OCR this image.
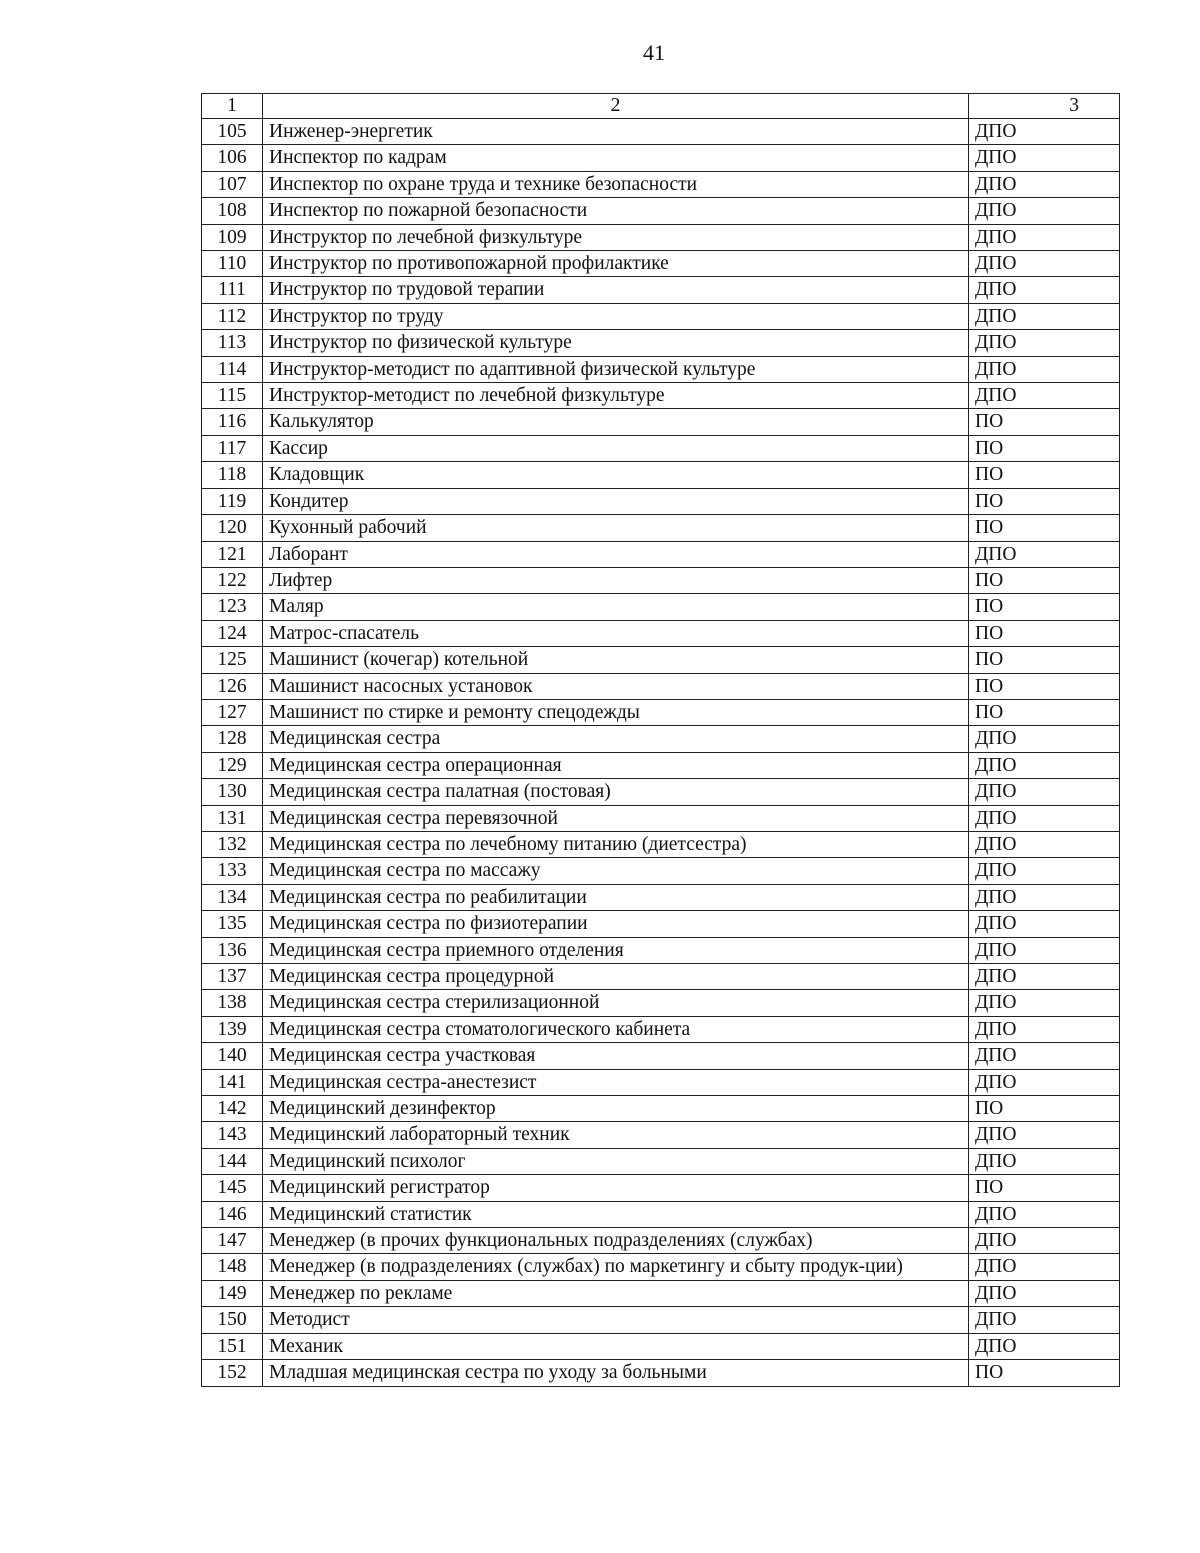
41
1	2	3
105	Инженер-энергетик	ДПО
106	Инспектор по кадрам	ДПО
107	Инспектор по охране труда и технике безопасности	ДПО
108	Инспектор по пожарной безопасности	ДПО
109	Инструктор по лечебной физкультуре	ДПО
110	Инструктор по противопожарной профилактике	ДПО
111	Инструктор по трудовой терапии	ДПО
112	Инструктор по труду	ДПО
113	Инструктор по физической культуре	ДПО
114	Инструктор-методист по адаптивной физической культуре	ДПО
115	Инструктор-методист по лечебной физкультуре	ДПО
116	Калькулятор	ПО
117	Кассир	ПО
118	Кладовщик	ПО
119	Кондитер	ПО
120	Кухонный рабочий	ПО
121	Лаборант	ДПО
122	Лифтер	ПО
123	Маляр	ПО
124	Матрос-спасатель	ПО
125	Машинист (кочегар) котельной	ПО
126	Машинист насосных установок	ПО
127	Машинист по стирке и ремонту спецодежды	ПО
128	Медицинская сестра	ДПО
129	Медицинская сестра операционная	ДПО
130	Медицинская сестра палатная (постовая)	ДПО
131	Медицинская сестра перевязочной	ДПО
132	Медицинская сестра по лечебному питанию (диетсестра)	ДПО
133	Медицинская сестра по массажу	ДПО
134	Медицинская сестра по реабилитации	ДПО
135	Медицинская сестра по физиотерапии	ДПО
136	Медицинская сестра приемного отделения	ДПО
137	Медицинская сестра процедурной	ДПО
138	Медицинская сестра стерилизационной	ДПО
139	Медицинская сестра стоматологического кабинета	ДПО
140	Медицинская сестра участковая	ДПО
141	Медицинская сестра-анестезист	ДПО
142	Медицинский дезинфектор	ПО
143	Медицинский лабораторный техник	ДПО
144	Медицинский психолог	ДПО
145	Медицинский регистратор	ПО
146	Медицинский статистик	ДПО
147	Менеджер (в прочих функциональных подразделениях (службах)	ДПО
148	Менеджер (в подразделениях (службах) по маркетингу и сбыту продук-ции)	ДПО
149	Менеджер по рекламе	ДПО
150	Методист	ДПО
151	Механик	ДПО
152	Младшая медицинская сестра по уходу за больными	ПО
